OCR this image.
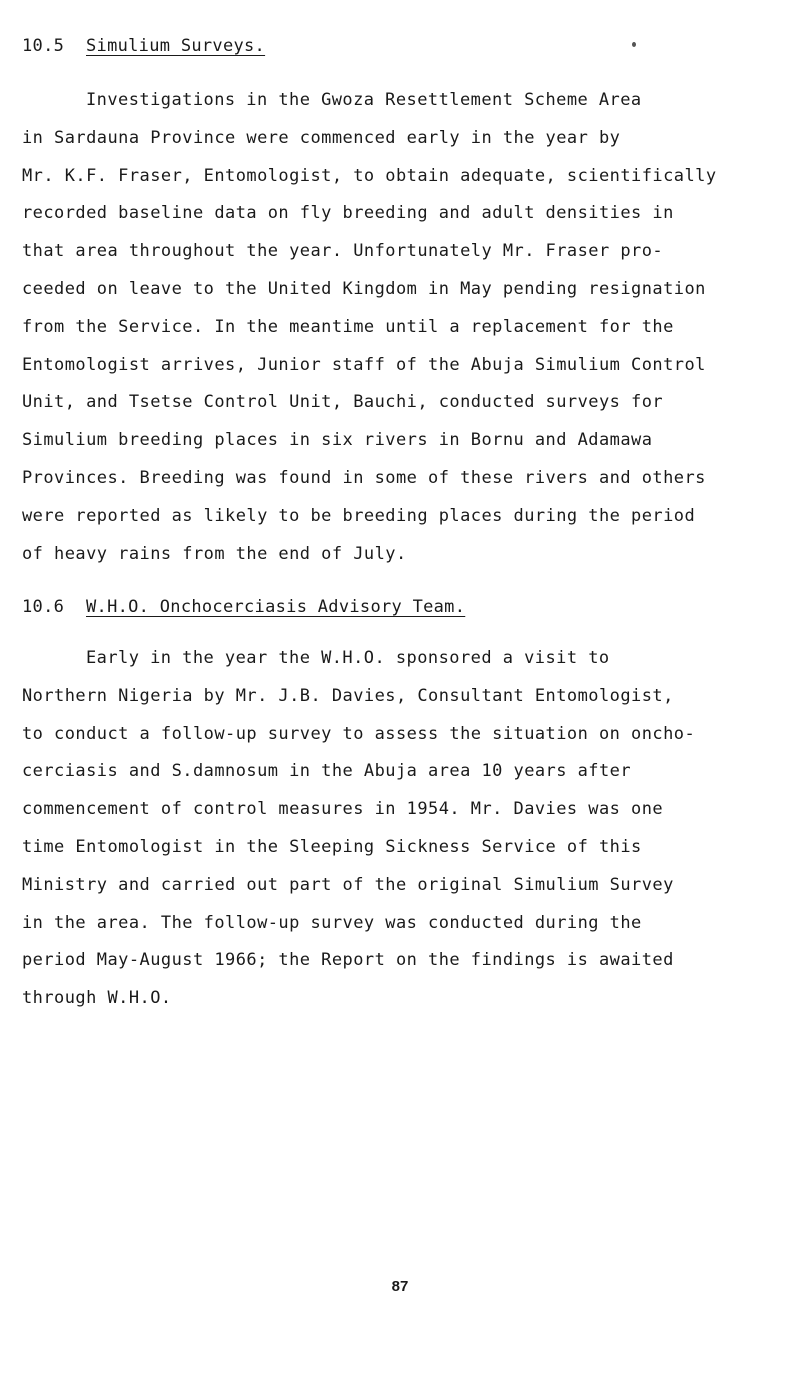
10.5 Simulium Surveys.
Investigations in the Gwoza Resettlement Scheme Area
in Sardauna Province were commenced early in the year by
Mr. K.F. Fraser, Entomologist, to obtain adequate, scientifically
recorded baseline data on fly breeding and adult densities in
that area throughout the year. Unfortunately Mr. Fraser pro-
ceeded on leave to the United Kingdom in May pending resignation
from the Service. In the meantime until a replacement for the
Entomologist arrives, Junior staff of the Abuja Simulium Control
Unit, and Tsetse Control Unit, Bauchi, conducted surveys for
Simulium breeding places in six rivers in Bornu and Adamawa
Provinces. Breeding was found in some of these rivers and others
were reported as likely to be breeding places during the period
of heavy rains from the end of July.
10.6 W.H.O. Onchocerciasis Advisory Team.
Early in the year the W.H.O. sponsored a visit to
Northern Nigeria by Mr. J.B. Davies, Consultant Entomologist,
to conduct a follow-up survey to assess the situation on oncho-
cerciasis and S.damnosum in the Abuja area 10 years after
commencement of control measures in 1954. Mr. Davies was one
time Entomologist in the Sleeping Sickness Service of this
Ministry and carried out part of the original Simulium Survey
in the area. The follow-up survey was conducted during the
period May-August 1966; the Report on the findings is awaited
through W.H.O.
87
